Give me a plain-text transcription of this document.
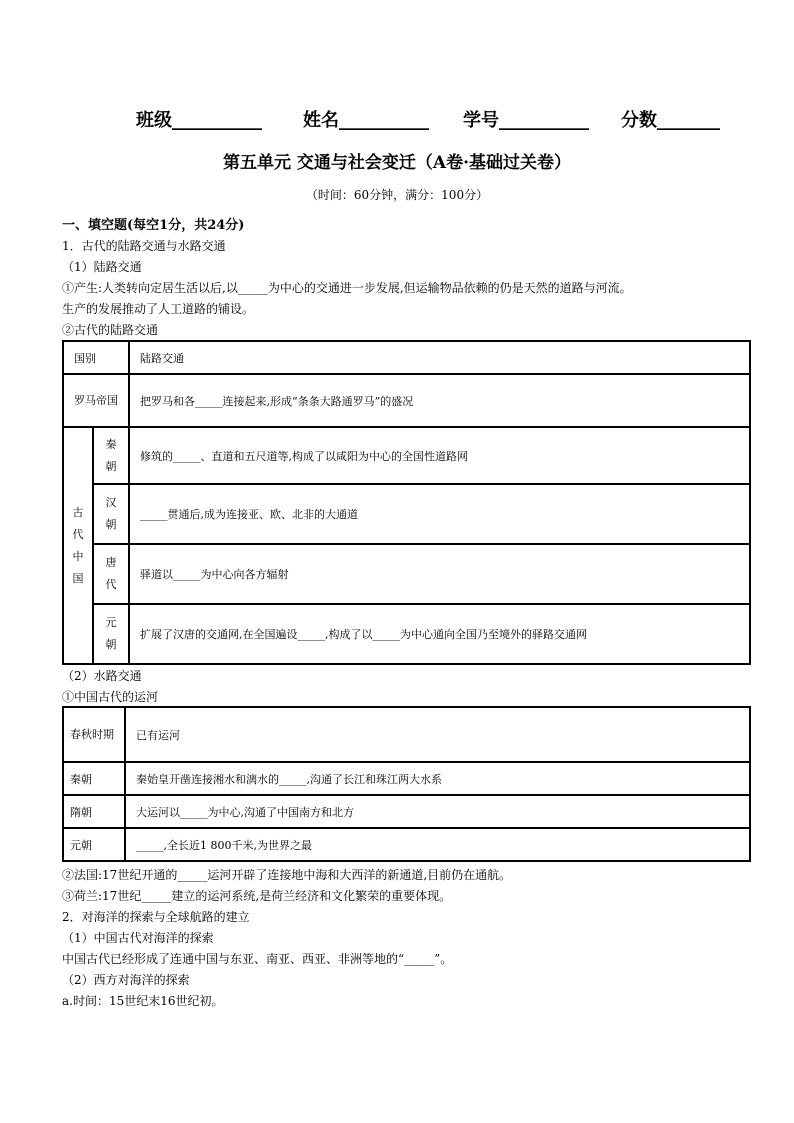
班级__________ 姓名__________ 学号__________ 分数_______
第五单元 交通与社会变迁（A卷·基础过关卷）
（时间：60分钟，满分：100分）
一、填空题(每空1分，共24分)
1．古代的陆路交通与水路交通
（1）陆路交通
①产生:人类转向定居生活以后,以_____为中心的交通进一步发展,但运输物品依赖的仍是天然的道路与河流。
生产的发展推动了人工道路的铺设。
②古代的陆路交通
国别		陆路交通
罗马帝国		把罗马和各_____连接起来,形成“条条大路通罗马”的盛况
古代中国	秦朝	修筑的_____、直道和五尺道等,构成了以咸阳为中心的全国性道路网
	汉朝	_____贯通后,成为连接亚、欧、北非的大通道
	唐代	驿道以_____为中心向各方辐射
	元朝	扩展了汉唐的交通网,在全国遍设_____,构成了以_____为中心通向全国乃至境外的驿路交通网
（2）水路交通
①中国古代的运河
春秋时期	已有运河
秦朝	秦始皇开凿连接湘水和漓水的_____,沟通了长江和珠江两大水系
隋朝	大运河以_____为中心,沟通了中国南方和北方
元朝	_____,全长近1 800千米,为世界之最
②法国:17世纪开通的_____运河开辟了连接地中海和大西洋的新通道,目前仍在通航。
③荷兰:17世纪_____建立的运河系统,是荷兰经济和文化繁荣的重要体现。
2．对海洋的探索与全球航路的建立
（1）中国古代对海洋的探索
中国古代已经形成了连通中国与东亚、南亚、西亚、非洲等地的“_____”。
（2）西方对海洋的探索
a.时间：15世纪末16世纪初。
